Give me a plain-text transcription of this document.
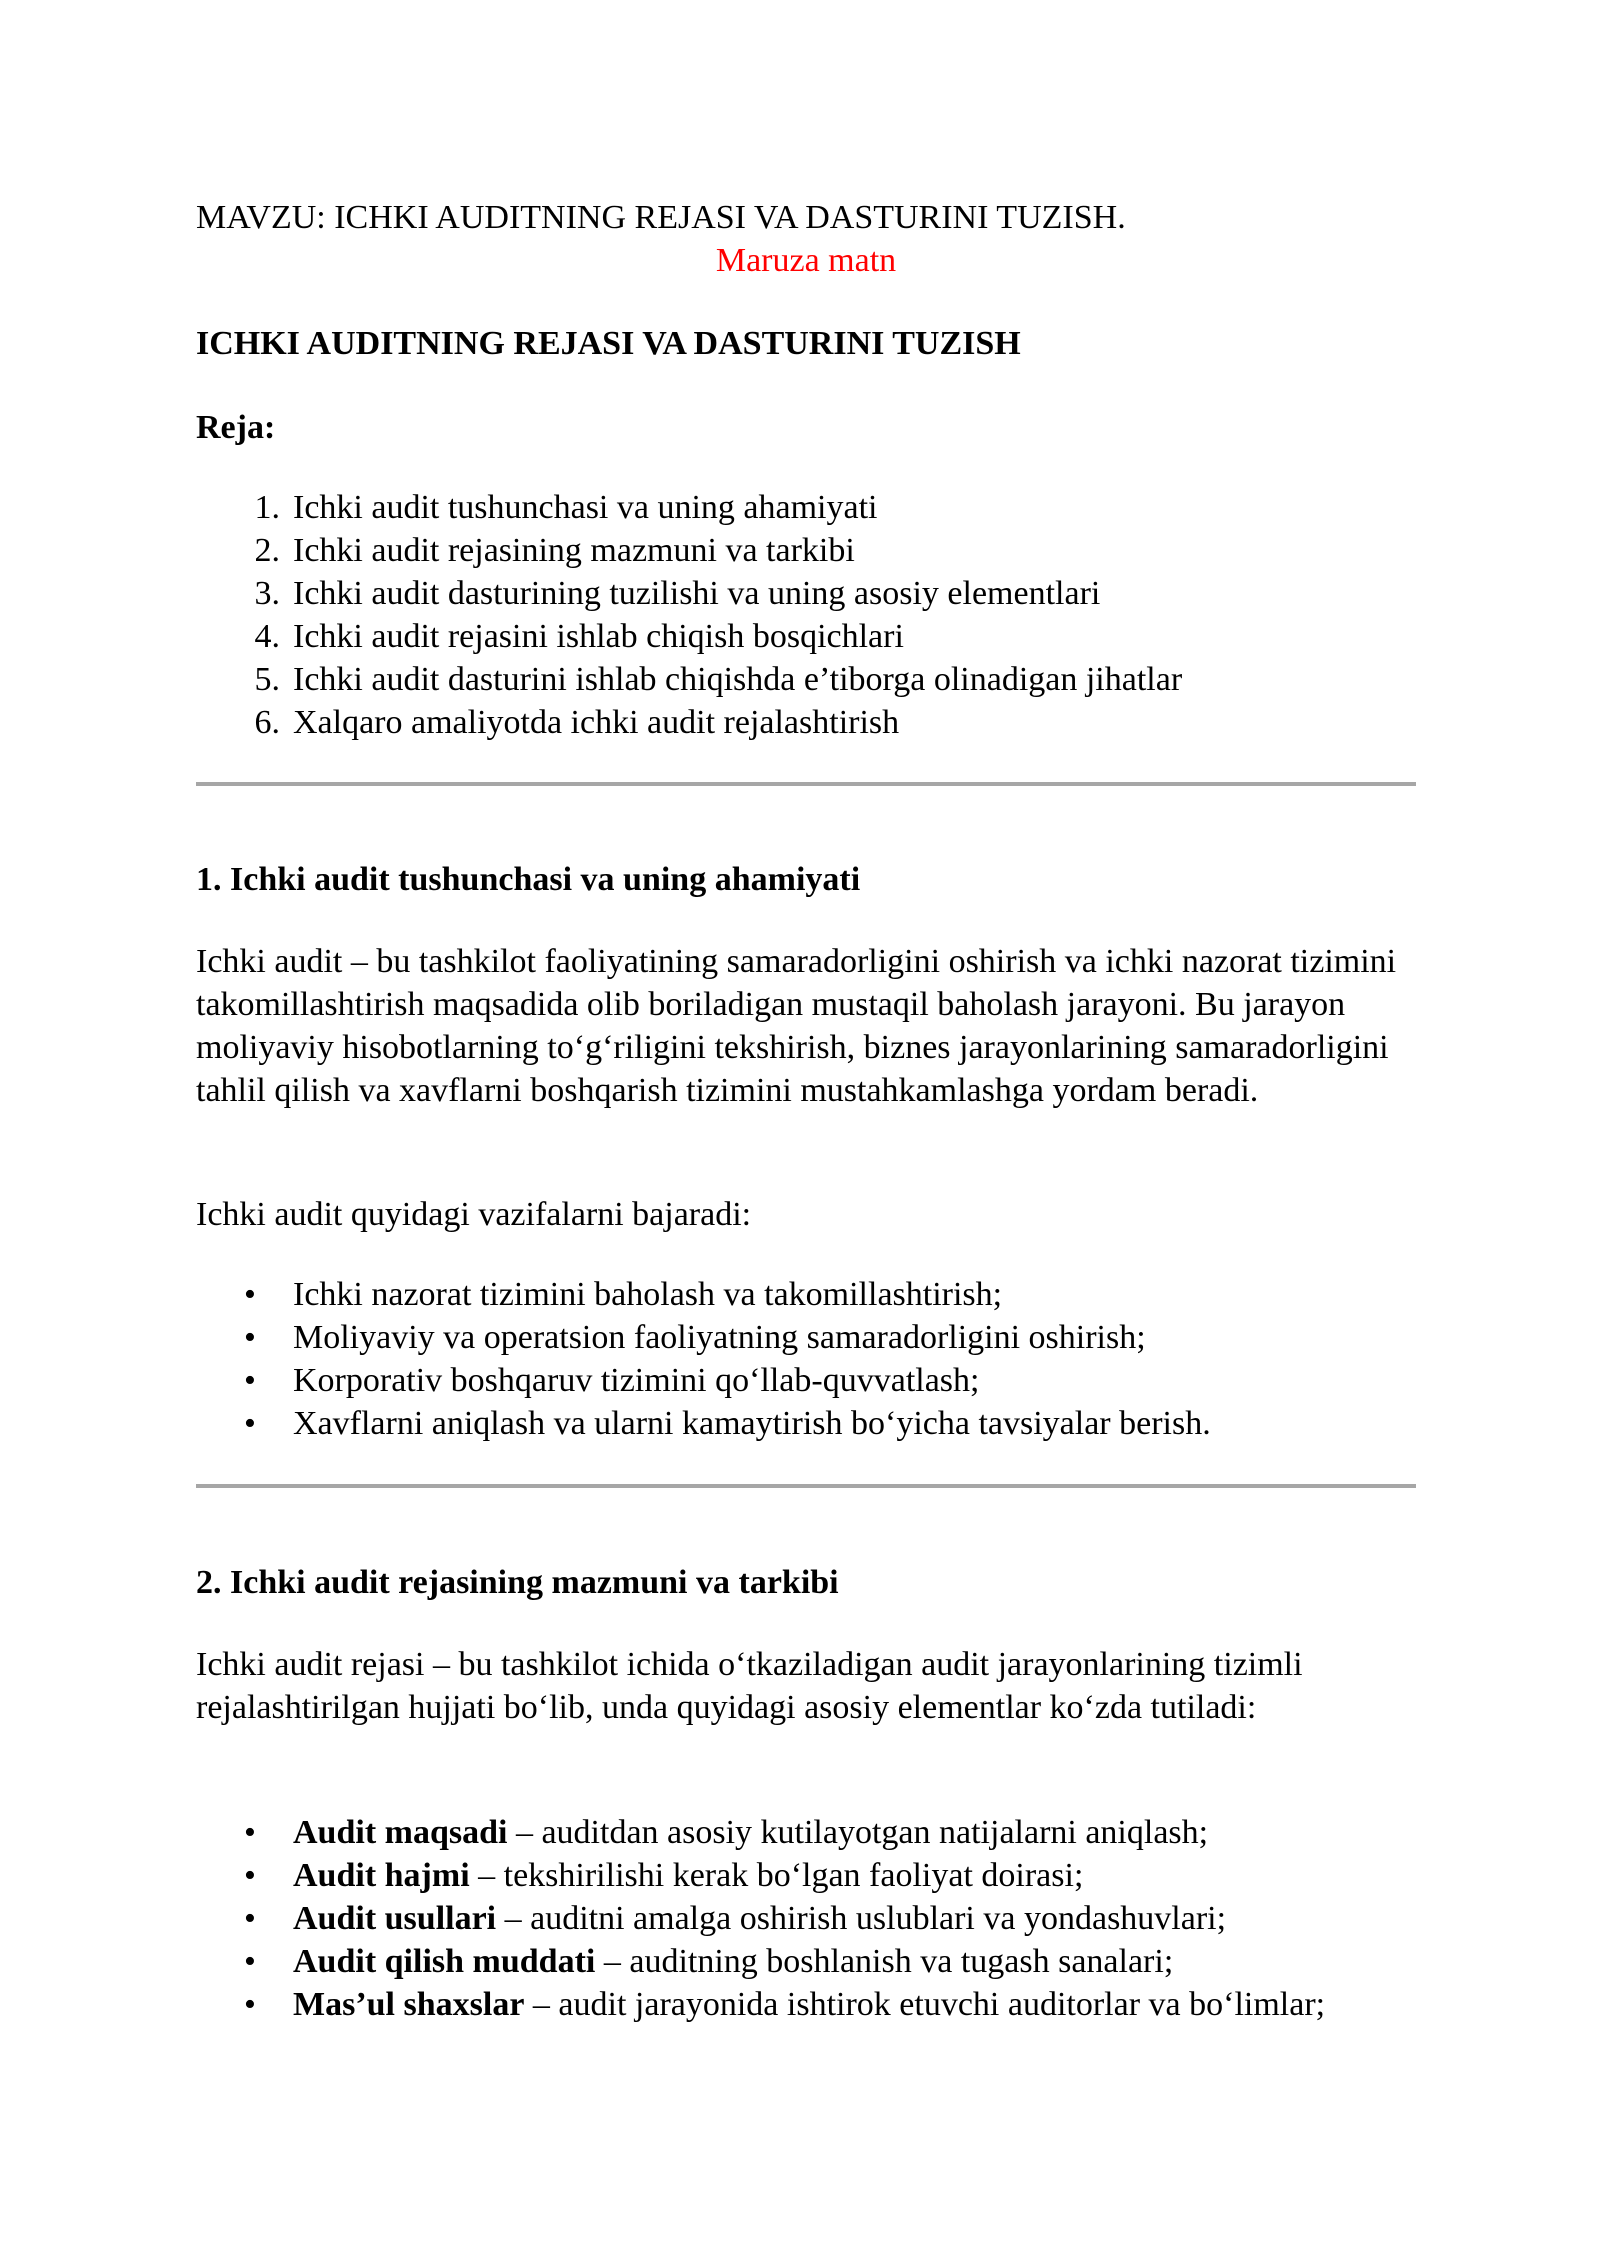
MAVZU: ICHKI AUDITNING REJASI VA DASTURINI TUZISH.

Maruza matn

ICHKI AUDITNING REJASI VA DASTURINI TUZISH

Reja:

1. Ichki audit tushunchasi va uning ahamiyati
2. Ichki audit rejasining mazmuni va tarkibi
3. Ichki audit dasturining tuzilishi va uning asosiy elementlari
4. Ichki audit rejasini ishlab chiqish bosqichlari
5. Ichki audit dasturini ishlab chiqishda e’tiborga olinadigan jihatlar
6. Xalqaro amaliyotda ichki audit rejalashtirish

1. Ichki audit tushunchasi va uning ahamiyati

Ichki audit – bu tashkilot faoliyatining samaradorligini oshirish va ichki nazorat tizimini takomillashtirish maqsadida olib boriladigan mustaqil baholash jarayoni. Bu jarayon moliyaviy hisobotlarning to‘g‘riligini tekshirish, biznes jarayonlarining samaradorligini tahlil qilish va xavflarni boshqarish tizimini mustahkamlashga yordam beradi.

Ichki audit quyidagi vazifalarni bajaradi:

• Ichki nazorat tizimini baholash va takomillashtirish;
• Moliyaviy va operatsion faoliyatning samaradorligini oshirish;
• Korporativ boshqaruv tizimini qo‘llab-quvvatlash;
• Xavflarni aniqlash va ularni kamaytirish bo‘yicha tavsiyalar berish.

2. Ichki audit rejasining mazmuni va tarkibi

Ichki audit rejasi – bu tashkilot ichida o‘tkaziladigan audit jarayonlarining tizimli rejalashtirilgan hujjati bo‘lib, unda quyidagi asosiy elementlar ko‘zda tutiladi:

• Audit maqsadi – auditdan asosiy kutilayotgan natijalarni aniqlash;
• Audit hajmi – tekshirilishi kerak bo‘lgan faoliyat doirasi;
• Audit usullari – auditni amalga oshirish uslublari va yondashuvlari;
• Audit qilish muddati – auditning boshlanish va tugash sanalari;
• Mas’ul shaxslar – audit jarayonida ishtirok etuvchi auditorlar va bo‘limlar;
